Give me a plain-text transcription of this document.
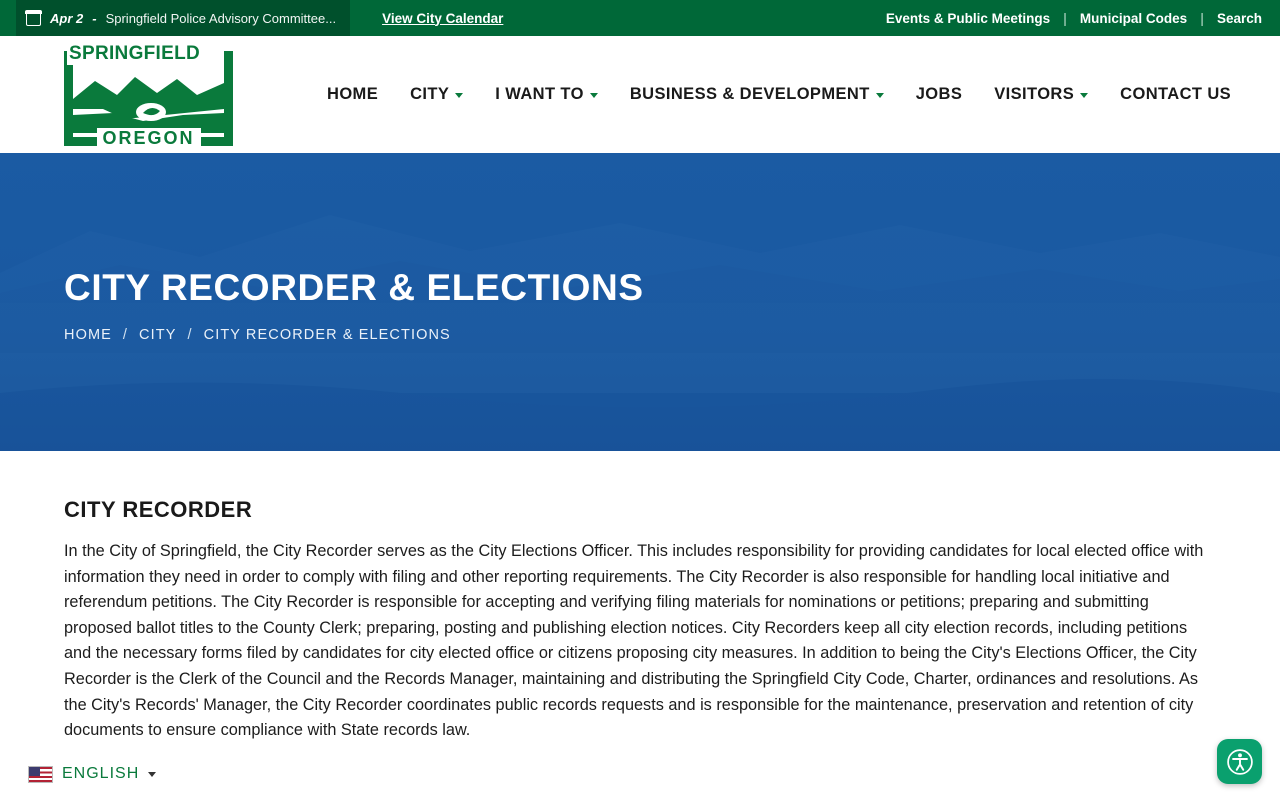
Apr 2 - Springfield Police Advisory Committee...	View City Calendar	Events & Public Meetings | Municipal Codes | Search
SPRINGFIELD
OREGON
HOME CITY	I WANT TO	BUSINESS & DEVELOPMENT	JOBS VISITORS	CONTACT US
CITY RECORDER & ELECTIONS
HOME / CITY / CITY RECORDER & ELECTIONS
CITY RECORDER

In the City of Springfield, the City Recorder serves as the City Elections Officer. This includes responsibility for providing candidates for local elected office with information they need in order to comply with filing and other reporting requirements. The City Recorder is also responsible for handling local initiative and referendum petitions. The City Recorder is responsible for accepting and verifying filing materials for nominations or petitions; preparing and submitting proposed ballot titles to the County Clerk; preparing, posting and publishing election notices. City Recorders keep all city election records, including petitions and the necessary forms filed by candidates for city elected office or citizens proposing city measures. In addition to being the City's Elections Officer, the City Recorder is the Clerk of the Council and the Records Manager, maintaining and distributing the Springfield City Code, Charter, ordinances and resolutions. As the City's Records' Manager, the City Recorder coordinates public records requests and is responsible for the maintenance, preservation and retention of city documents to ensure compliance with State records law.

ENGLISH
